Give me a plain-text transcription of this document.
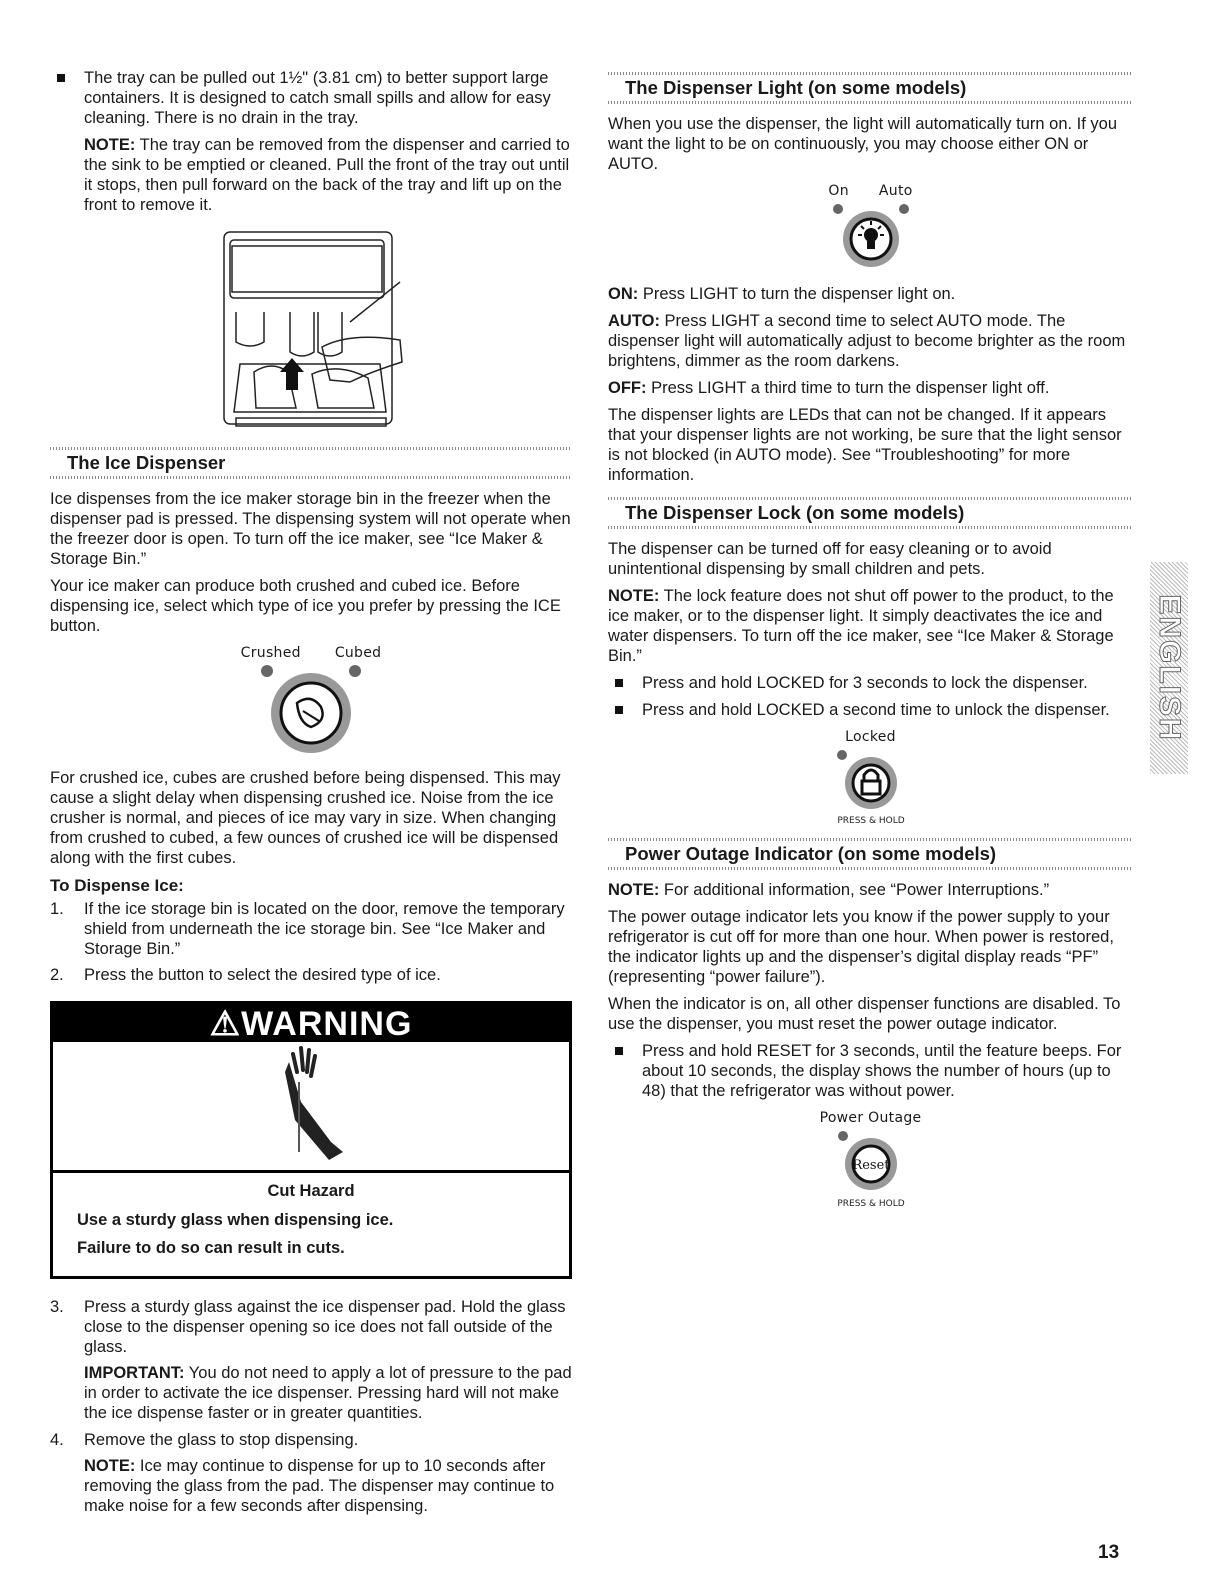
The tray can be pulled out 1½" (3.81 cm) to better support large containers. It is designed to catch small spills and allow for easy cleaning. There is no drain in the tray.

NOTE: The tray can be removed from the dispenser and carried to the sink to be emptied or cleaned. Pull the front of the tray out until it stops, then pull forward on the back of the tray and lift up on the front to remove it.

The Ice Dispenser

Ice dispenses from the ice maker storage bin in the freezer when the dispenser pad is pressed. The dispensing system will not operate when the freezer door is open. To turn off the ice maker, see “Ice Maker & Storage Bin.”

Your ice maker can produce both crushed and cubed ice. Before dispensing ice, select which type of ice you prefer by pressing the ICE button.

Crushed Cubed

For crushed ice, cubes are crushed before being dispensed. This may cause a slight delay when dispensing crushed ice. Noise from the ice crusher is normal, and pieces of ice may vary in size. When changing from crushed to cubed, a few ounces of crushed ice will be dispensed along with the first cubes.

To Dispense Ice:
1. If the ice storage bin is located on the door, remove the temporary shield from underneath the ice storage bin. See “Ice Maker and Storage Bin.”
2. Press the button to select the desired type of ice.
⚠WARNING
Cut Hazard

Use a sturdy glass when dispensing ice.

Failure to do so can result in cuts.

3. Press a sturdy glass against the ice dispenser pad. Hold the glass close to the dispenser opening so ice does not fall outside of the glass.

IMPORTANT: You do not need to apply a lot of pressure to the pad in order to activate the ice dispenser. Pressing hard will not make the ice dispense faster or in greater quantities.

4. Remove the glass to stop dispensing.

NOTE: Ice may continue to dispense for up to 10 seconds after removing the glass from the pad. The dispenser may continue to make noise for a few seconds after dispensing.

The Dispenser Light (on some models)

When you use the dispenser, the light will automatically turn on. If you want the light to be on continuously, you may choose either ON or AUTO.

On Auto

ON: Press LIGHT to turn the dispenser light on.

AUTO: Press LIGHT a second time to select AUTO mode. The dispenser light will automatically adjust to become brighter as the room brightens, dimmer as the room darkens.

OFF: Press LIGHT a third time to turn the dispenser light off.

The dispenser lights are LEDs that can not be changed. If it appears that your dispenser lights are not working, be sure that the light sensor is not blocked (in AUTO mode). See “Troubleshooting” for more information.

The Dispenser Lock (on some models)

The dispenser can be turned off for easy cleaning or to avoid unintentional dispensing by small children and pets.

NOTE: The lock feature does not shut off power to the product, to the ice maker, or to the dispenser light. It simply deactivates the ice and water dispensers. To turn off the ice maker, see “Ice Maker & Storage Bin.”

Press and hold LOCKED for 3 seconds to lock the dispenser.
Press and hold LOCKED a second time to unlock the dispenser.
Locked
PRESS & HOLD
Power Outage Indicator (on some models)

NOTE: For additional information, see “Power Interruptions.”

The power outage indicator lets you know if the power supply to your refrigerator is cut off for more than one hour. When power is restored, the indicator lights up and the dispenser’s digital display reads “PF” (representing “power failure”).

When the indicator is on, all other dispenser functions are disabled. To use the dispenser, you must reset the power outage indicator.

Press and hold RESET for 3 seconds, until the feature beeps. For about 10 seconds, the display shows the number of hours (up to 48) that the refrigerator was without power.
Power Outage
Reset
PRESS & HOLD
ENGLISH
13
